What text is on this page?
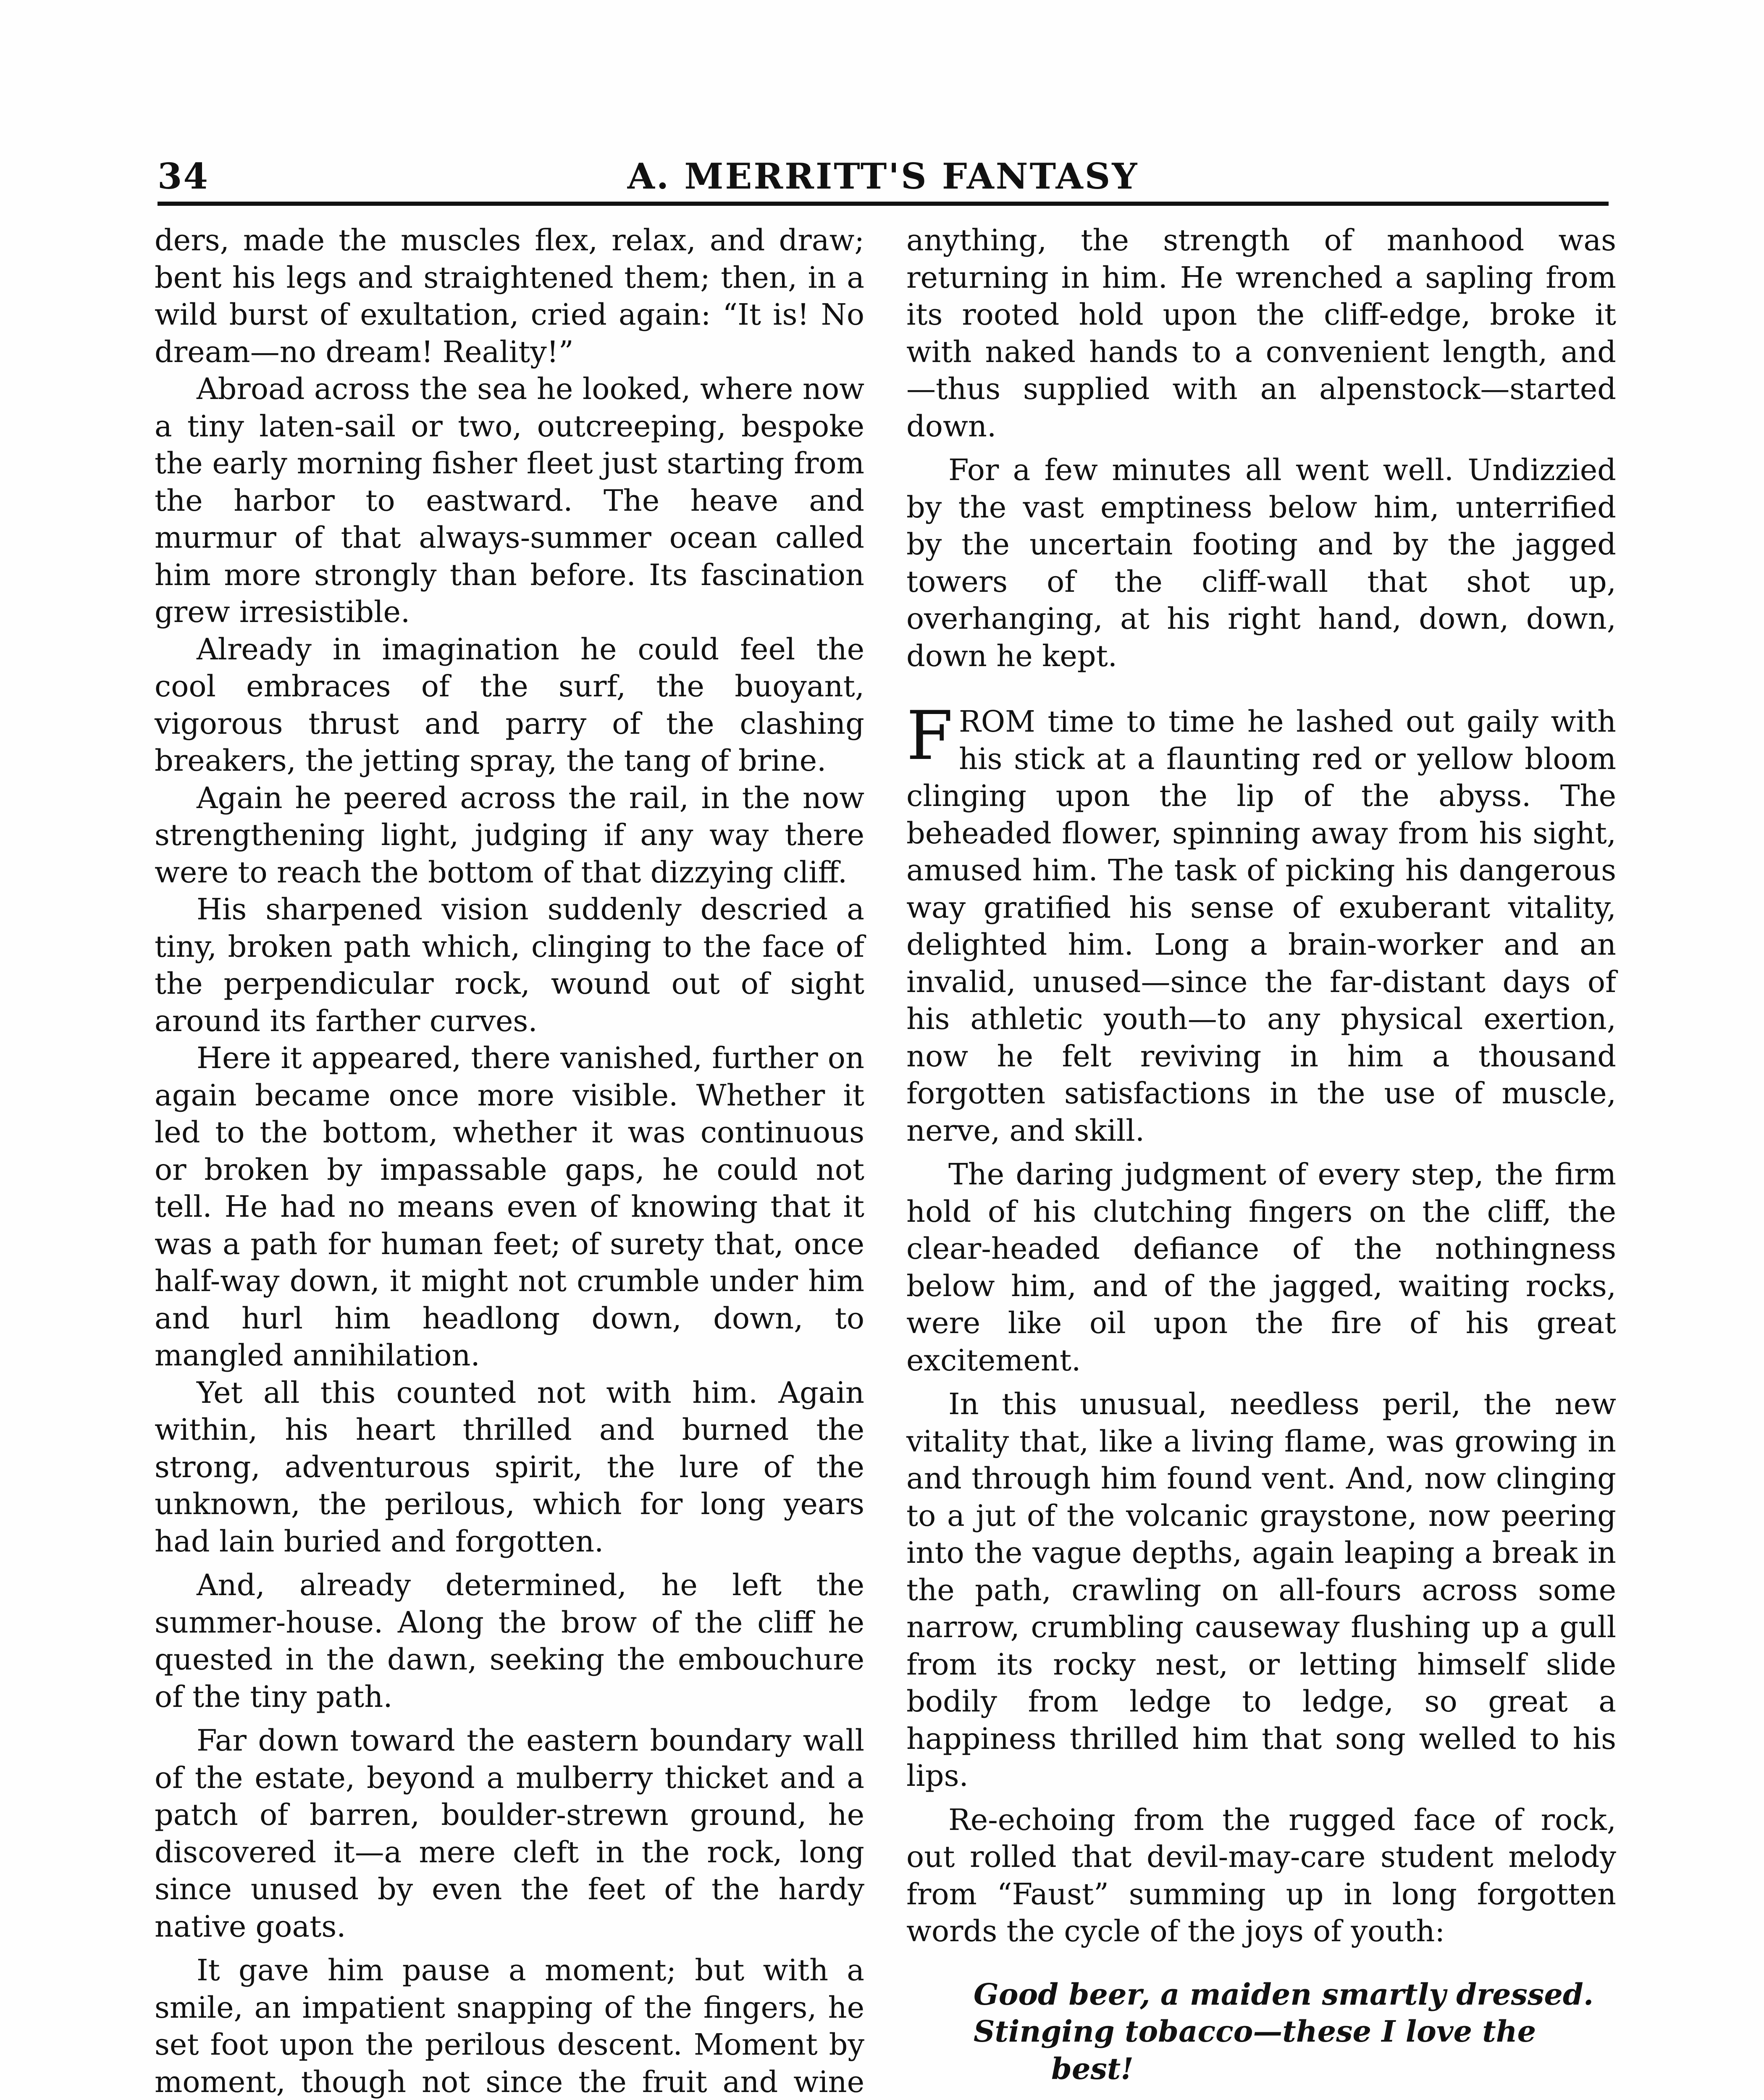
34	A. MERRITT'S FANTASY

ders, made the muscles flex, relax, and draw; bent his legs and straightened them; then, in a wild burst of exultation, cried again: “It is! No dream—no dream! Reality!”

Abroad across the sea he looked, where now a tiny laten-sail or two, outcreeping, bespoke the early morning fisher fleet just starting from the harbor to eastward. The heave and murmur of that always-summer ocean called him more strongly than before. Its fascination grew irresistible.

Already in imagination he could feel the cool embraces of the surf, the buoyant, vigorous thrust and parry of the clashing breakers, the jetting spray, the tang of brine.

Again he peered across the rail, in the now strengthening light, judging if any way there were to reach the bottom of that dizzying cliff.

His sharpened vision suddenly descried a tiny, broken path which, clinging to the face of the perpendicular rock, wound out of sight around its farther curves.

Here it appeared, there vanished, further on again became once more visible. Whether it led to the bottom, whether it was continuous or broken by impassable gaps, he could not tell. He had no means even of knowing that it was a path for human feet; of surety that, once half-way down, it might not crumble under him and hurl him headlong down, down, to mangled annihilation.

Yet all this counted not with him. Again within, his heart thrilled and burned the strong, adventurous spirit, the lure of the unknown, the perilous, which for long years had lain buried and forgotten.

And, already determined, he left the summer-house. Along the brow of the cliff he quested in the dawn, seeking the embouchure of the tiny path.

Far down toward the eastern boundary wall of the estate, beyond a mulberry thicket and a patch of barren, boulder-strewn ground, he discovered it—a mere cleft in the rock, long since unused by even the feet of the hardy native goats.

It gave him pause a moment; but with a smile, an impatient snapping of the fingers, he set foot upon the perilous descent. Moment by moment, though not since the fruit and wine

anything, the strength of manhood was returning in him. He wrenched a sapling from its rooted hold upon the cliff-edge, broke it with naked hands to a convenient length, and—thus supplied with an alpenstock—started down.

For a few minutes all went well. Undizzied by the vast emptiness below him, unterrified by the uncertain footing and by the jagged towers of the cliff-wall that shot up, overhanging, at his right hand, down, down, down he kept.

FROM time to time he lashed out gaily with his stick at a flaunting red or yellow bloom clinging upon the lip of the abyss. The beheaded flower, spinning away from his sight, amused him. The task of picking his dangerous way gratified his sense of exuberant vitality, delighted him. Long a brain-worker and an invalid, unused—since the far-distant days of his athletic youth—to any physical exertion, now he felt reviving in him a thousand forgotten satisfactions in the use of muscle, nerve, and skill.

The daring judgment of every step, the firm hold of his clutching fingers on the cliff, the clear-headed defiance of the nothingness below him, and of the jagged, waiting rocks, were like oil upon the fire of his great excitement.

In this unusual, needless peril, the new vitality that, like a living flame, was growing in and through him found vent. And, now clinging to a jut of the volcanic graystone, now peering into the vague depths, again leaping a break in the path, crawling on all-fours across some narrow, crumbling causeway flushing up a gull from its rocky nest, or letting himself slide bodily from ledge to ledge, so great a happiness thrilled him that song welled to his lips.

Re-echoing from the rugged face of rock, out rolled that devil-may-care student melody from “Faust” summing up in long forgotten words the cycle of the joys of youth:

Good beer, a maiden smartly dressed.
Stinging tobacco—these I love the

best!
